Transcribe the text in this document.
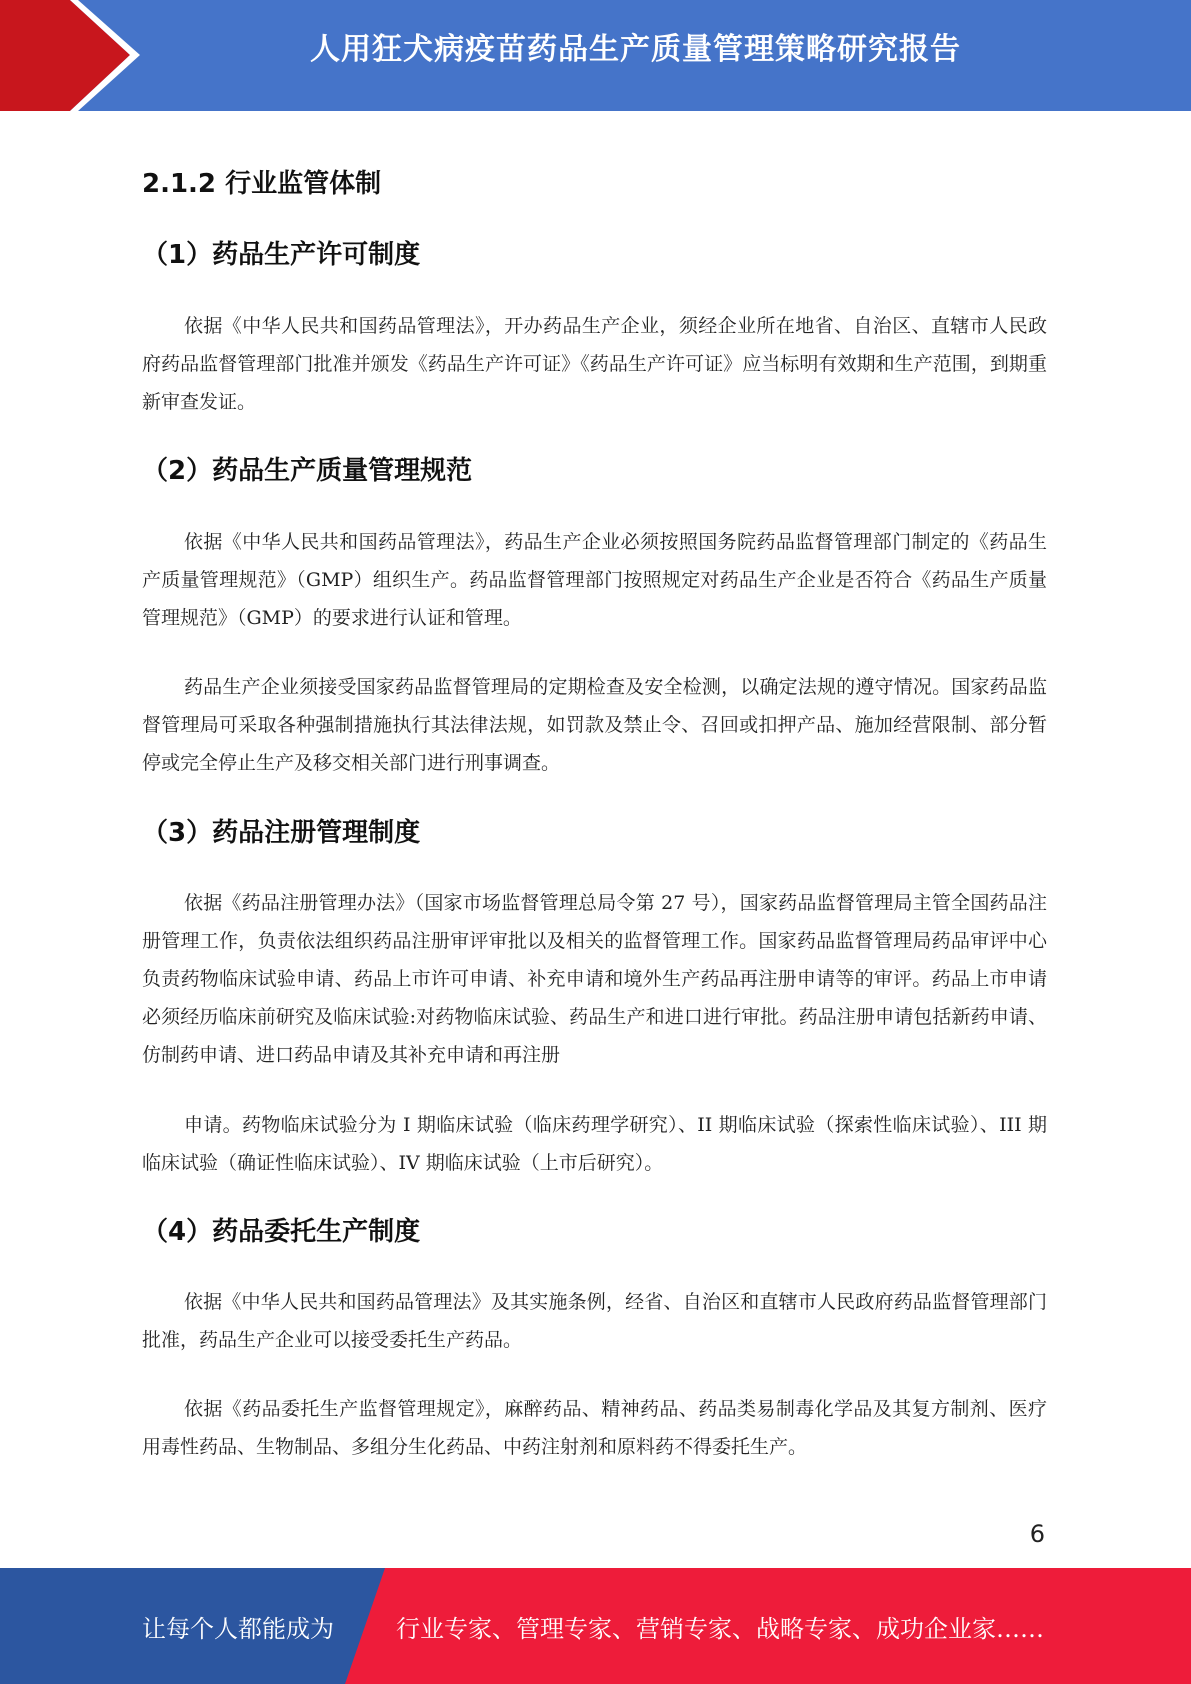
人用狂犬病疫苗药品生产质量管理策略研究报告
2.1.2 行业监管体制
（1）药品生产许可制度

依据《中华人民共和国药品管理法》，开办药品生产企业，须经企业所在地省、自治区、直辖市人民政府药品监督管理部门批准并颁发《药品生产许可证》《药品生产许可证》应当标明有效期和生产范围，到期重新审查发证。

（2）药品生产质量管理规范

依据《中华人民共和国药品管理法》，药品生产企业必须按照国务院药品监督管理部门制定的《药品生产质量管理规范》（GMP）组织生产。药品监督管理部门按照规定对药品生产企业是否符合《药品生产质量管理规范》（GMP）的要求进行认证和管理。

药品生产企业须接受国家药品监督管理局的定期检查及安全检测，以确定法规的遵守情况。国家药品监督管理局可采取各种强制措施执行其法律法规，如罚款及禁止令、召回或扣押产品、施加经营限制、部分暂停或完全停止生产及移交相关部门进行刑事调查。

（3）药品注册管理制度

依据《药品注册管理办法》（国家市场监督管理总局令第 27 号），国家药品监督管理局主管全国药品注册管理工作，负责依法组织药品注册审评审批以及相关的监督管理工作。国家药品监督管理局药品审评中心负责药物临床试验申请、药品上市许可申请、补充申请和境外生产药品再注册申请等的审评。药品上市申请必须经历临床前研究及临床试验:对药物临床试验、药品生产和进口进行审批。药品注册申请包括新药申请、仿制药申请、进口药品申请及其补充申请和再注册

申请。药物临床试验分为 I 期临床试验（临床药理学研究）、II 期临床试验（探索性临床试验）、III 期临床试验（确证性临床试验）、IV 期临床试验（上市后研究）。

（4）药品委托生产制度

依据《中华人民共和国药品管理法》及其实施条例，经省、自治区和直辖市人民政府药品监督管理部门批准，药品生产企业可以接受委托生产药品。

依据《药品委托生产监督管理规定》，麻醉药品、精神药品、药品类易制毒化学品及其复方制剂、医疗用毒性药品、生物制品、多组分生化药品、中药注射剂和原料药不得委托生产。

6
让每个人都能成为	行业专家、管理专家、营销专家、战略专家、成功企业家……
